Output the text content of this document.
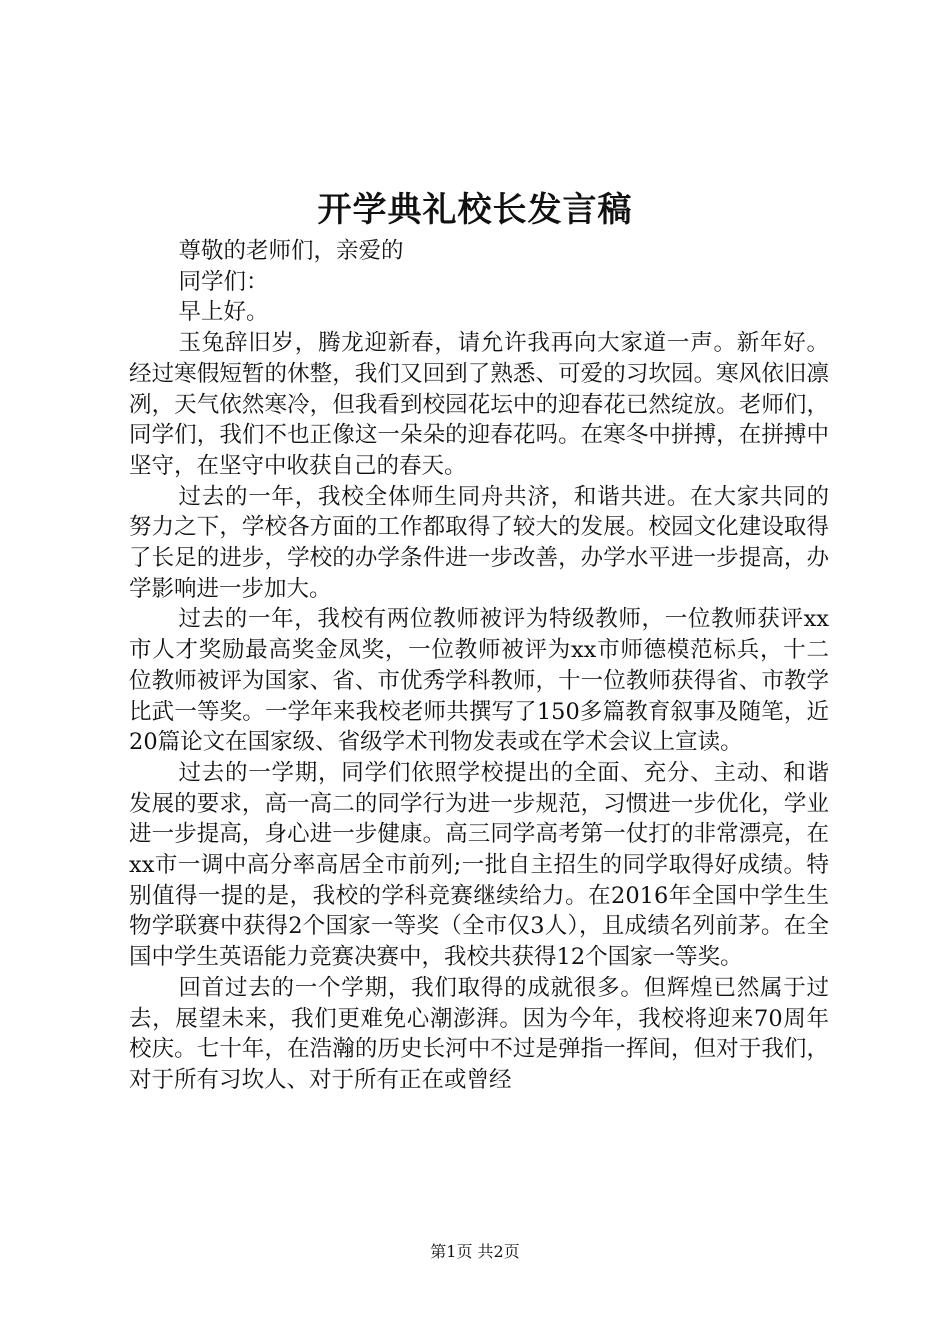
开学典礼校长发言稿

尊敬的老师们，亲爱的

同学们：

早上好。

玉兔辞旧岁，腾龙迎新春，请允许我再向大家道一声。新年好。经过寒假短暂的休整，我们又回到了熟悉、可爱的习坎园。寒风依旧凛冽，天气依然寒冷，但我看到校园花坛中的迎春花已然绽放。老师们，同学们，我们不也正像这一朵朵的迎春花吗。在寒冬中拼搏，在拼搏中坚守，在坚守中收获自己的春天。

过去的一年，我校全体师生同舟共济，和谐共进。在大家共同的努力之下，学校各方面的工作都取得了较大的发展。校园文化建设取得了长足的进步，学校的办学条件进一步改善，办学水平进一步提高，办学影响进一步加大。

过去的一年，我校有两位教师被评为特级教师，一位教师获评xx市人才奖励最高奖金凤奖，一位教师被评为xx市师德模范标兵，十二位教师被评为国家、省、市优秀学科教师，十一位教师获得省、市教学比武一等奖。一学年来我校老师共撰写了150多篇教育叙事及随笔，近20篇论文在国家级、省级学术刊物发表或在学术会议上宣读。

过去的一学期，同学们依照学校提出的全面、充分、主动、和谐发展的要求，高一高二的同学行为进一步规范，习惯进一步优化，学业进一步提高，身心进一步健康。高三同学高考第一仗打的非常漂亮，在xx市一调中高分率高居全市前列;一批自主招生的同学取得好成绩。特别值得一提的是，我校的学科竞赛继续给力。在2016年全国中学生生物学联赛中获得2个国家一等奖（全市仅3人），且成绩名列前茅。在全国中学生英语能力竞赛决赛中，我校共获得12个国家一等奖。

回首过去的一个学期，我们取得的成就很多。但辉煌已然属于过去，展望未来，我们更难免心潮澎湃。因为今年，我校将迎来70周年校庆。七十年，在浩瀚的历史长河中不过是弹指一挥间，但对于我们，对于所有习坎人、对于所有正在或曾经

第1页 共2页
